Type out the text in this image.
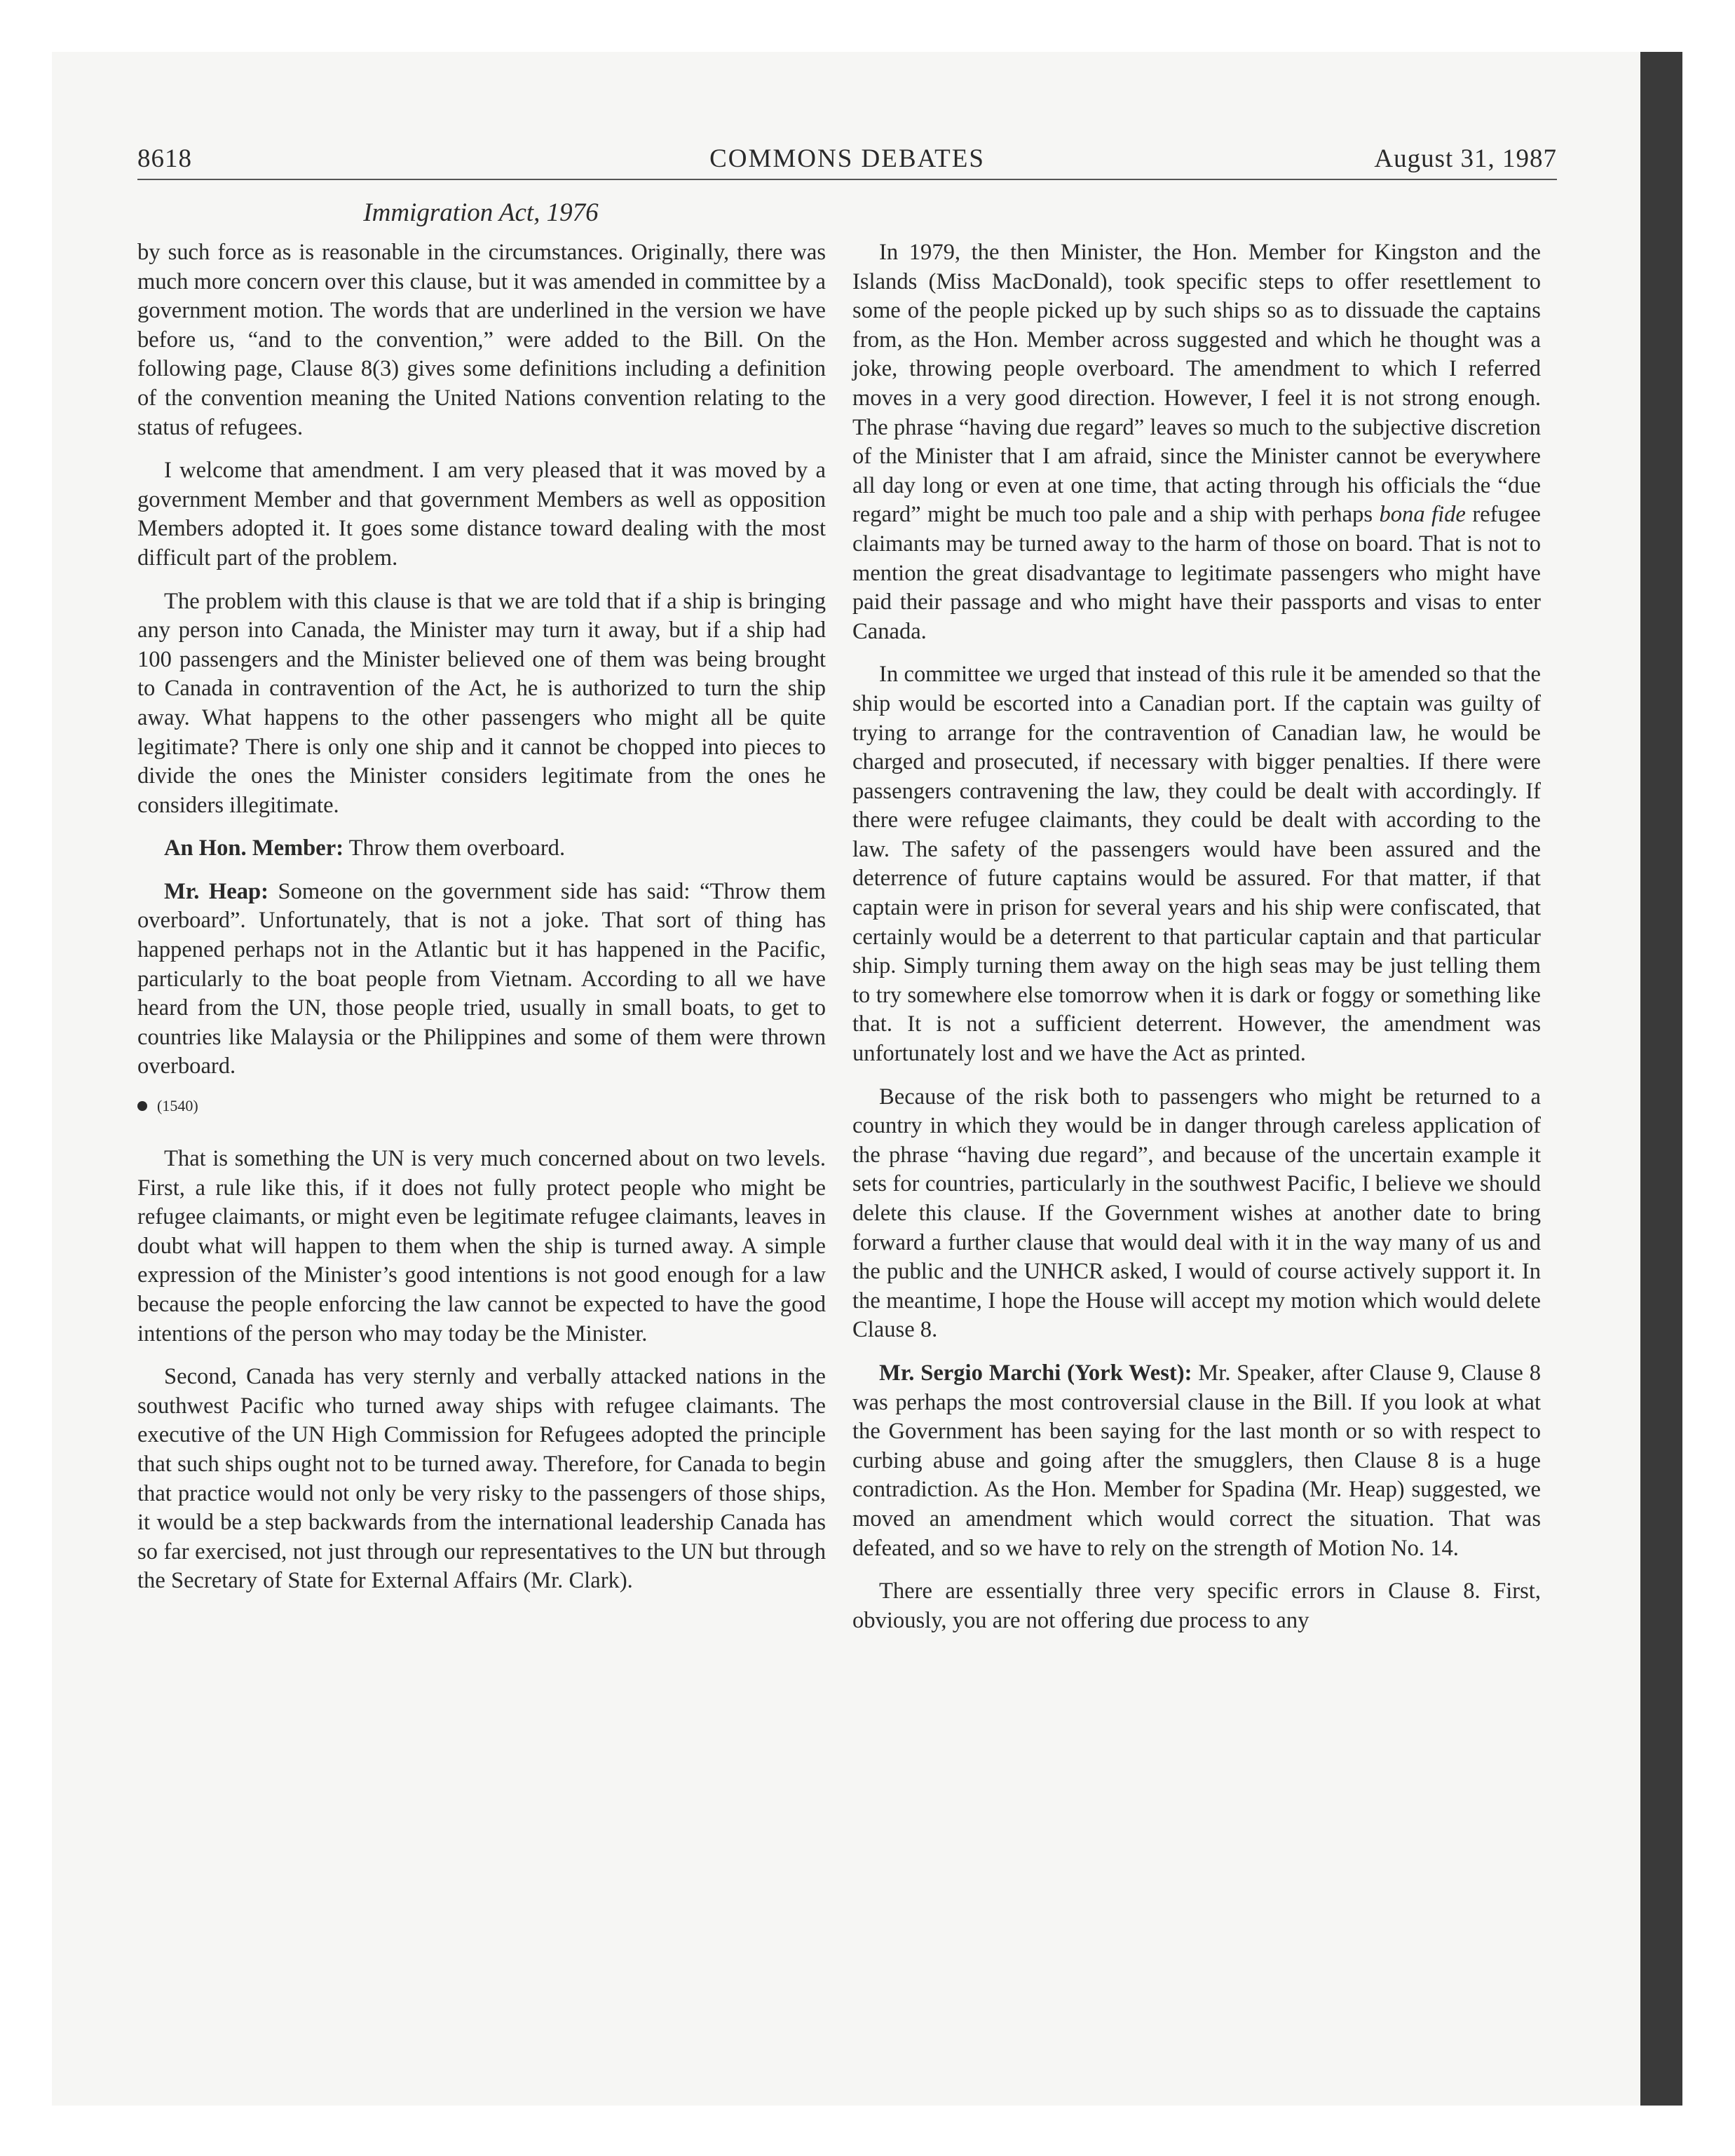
8618	COMMONS DEBATES	August 31, 1987
Immigration Act, 1976

by such force as is reasonable in the circumstances. Originally, there was much more concern over this clause, but it was amended in committee by a government motion. The words that are underlined in the version we have before us, “and to the convention,” were added to the Bill. On the following page, Clause 8(3) gives some definitions including a definition of the convention meaning the United Nations convention relating to the status of refugees.

I welcome that amendment. I am very pleased that it was moved by a government Member and that government Members as well as opposition Members adopted it. It goes some distance toward dealing with the most difficult part of the problem.

The problem with this clause is that we are told that if a ship is bringing any person into Canada, the Minister may turn it away, but if a ship had 100 passengers and the Minister believed one of them was being brought to Canada in contravention of the Act, he is authorized to turn the ship away. What happens to the other passengers who might all be quite legitimate? There is only one ship and it cannot be chopped into pieces to divide the ones the Minister considers legitimate from the ones he considers illegitimate.

An Hon. Member: Throw them overboard.

Mr. Heap: Someone on the government side has said: “Throw them overboard”. Unfortunately, that is not a joke. That sort of thing has happened perhaps not in the Atlantic but it has happened in the Pacific, particularly to the boat people from Vietnam. According to all we have heard from the UN, those people tried, usually in small boats, to get to countries like Malaysia or the Philippines and some of them were thrown overboard.

(1540)

That is something the UN is very much concerned about on two levels. First, a rule like this, if it does not fully protect people who might be refugee claimants, or might even be legitimate refugee claimants, leaves in doubt what will happen to them when the ship is turned away. A simple expression of the Minister’s good intentions is not good enough for a law because the people enforcing the law cannot be expected to have the good intentions of the person who may today be the Minister.

Second, Canada has very sternly and verbally attacked nations in the southwest Pacific who turned away ships with refugee claimants. The executive of the UN High Commission for Refugees adopted the principle that such ships ought not to be turned away. Therefore, for Canada to begin that practice would not only be very risky to the passengers of those ships, it would be a step backwards from the international leadership Canada has so far exercised, not just through our representatives to the UN but through the Secretary of State for External Affairs (Mr. Clark).

In 1979, the then Minister, the Hon. Member for Kingston and the Islands (Miss MacDonald), took specific steps to offer resettlement to some of the people picked up by such ships so as to dissuade the captains from, as the Hon. Member across suggested and which he thought was a joke, throwing people overboard. The amendment to which I referred moves in a very good direction. However, I feel it is not strong enough. The phrase “having due regard” leaves so much to the subjective discretion of the Minister that I am afraid, since the Minister cannot be everywhere all day long or even at one time, that acting through his officials the “due regard” might be much too pale and a ship with perhaps bona fide refugee claimants may be turned away to the harm of those on board. That is not to mention the great disadvantage to legitimate passengers who might have paid their passage and who might have their passports and visas to enter Canada.

In committee we urged that instead of this rule it be amended so that the ship would be escorted into a Canadian port. If the captain was guilty of trying to arrange for the contravention of Canadian law, he would be charged and prosecuted, if necessary with bigger penalties. If there were passengers contravening the law, they could be dealt with accordingly. If there were refugee claimants, they could be dealt with according to the law. The safety of the passengers would have been assured and the deterrence of future captains would be assured. For that matter, if that captain were in prison for several years and his ship were confiscated, that certainly would be a deterrent to that particular captain and that particular ship. Simply turning them away on the high seas may be just telling them to try somewhere else tomorrow when it is dark or foggy or something like that. It is not a sufficient deterrent. However, the amendment was unfortunately lost and we have the Act as printed.

Because of the risk both to passengers who might be returned to a country in which they would be in danger through careless application of the phrase “having due regard”, and because of the uncertain example it sets for countries, particularly in the southwest Pacific, I believe we should delete this clause. If the Government wishes at another date to bring forward a further clause that would deal with it in the way many of us and the public and the UNHCR asked, I would of course actively support it. In the meantime, I hope the House will accept my motion which would delete Clause 8.

Mr. Sergio Marchi (York West): Mr. Speaker, after Clause 9, Clause 8 was perhaps the most controversial clause in the Bill. If you look at what the Government has been saying for the last month or so with respect to curbing abuse and going after the smugglers, then Clause 8 is a huge contradiction. As the Hon. Member for Spadina (Mr. Heap) suggested, we moved an amendment which would correct the situation. That was defeated, and so we have to rely on the strength of Motion No. 14.

There are essentially three very specific errors in Clause 8. First, obviously, you are not offering due process to any
